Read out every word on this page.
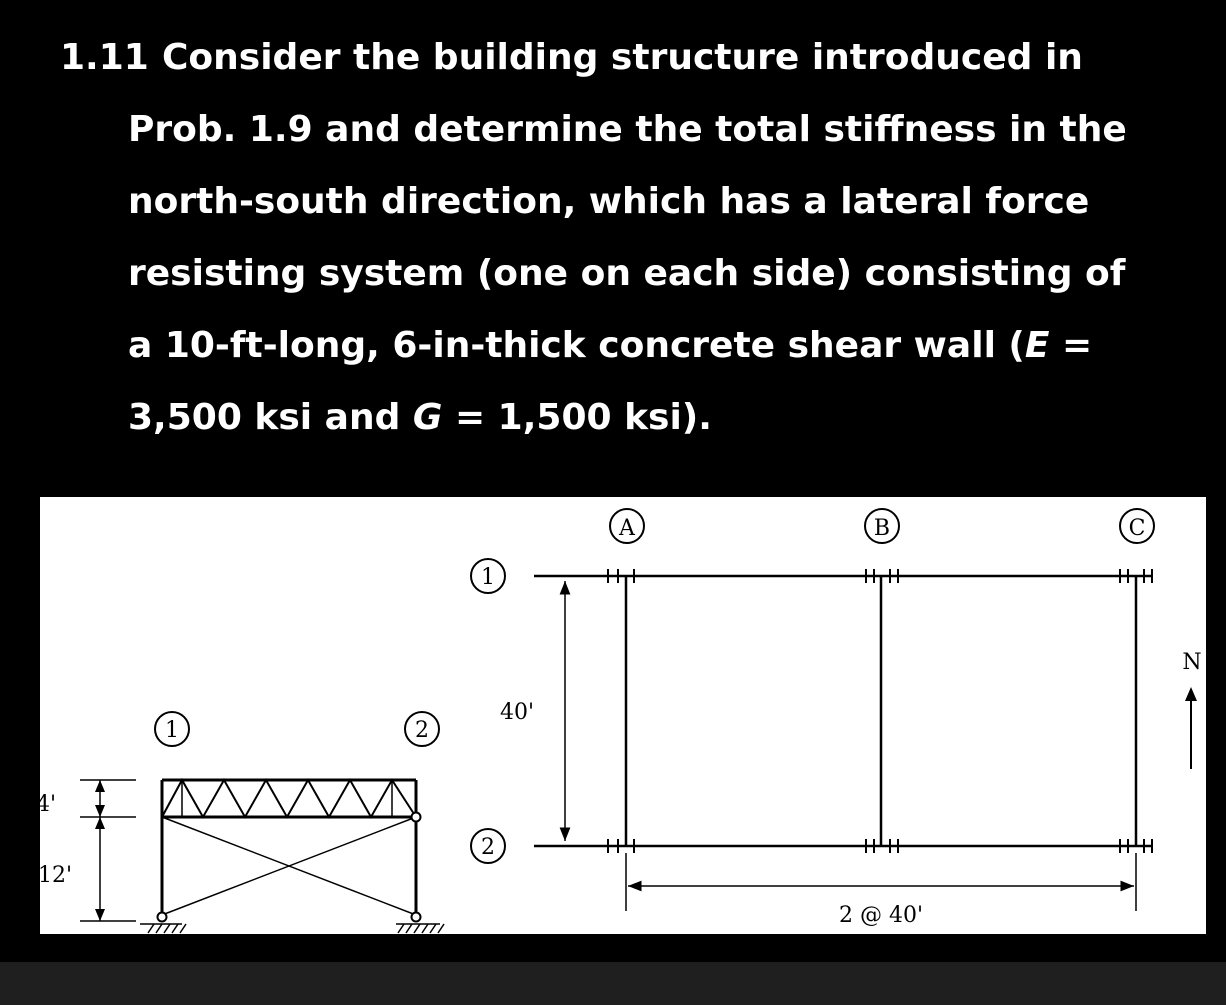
1.11 Consider the building structure introduced in
Prob. 1.9 and determine the total stiffness in the
north-south direction, which has a lateral force
resisting system (one on each side) consisting of
a 10-ft-long, 6-in-thick concrete shear wall (E =
3,500 ksi and G = 1,500 ksi).
1	2
4'
12'
A	B	C
1
2
40'
2 @ 40'
N
